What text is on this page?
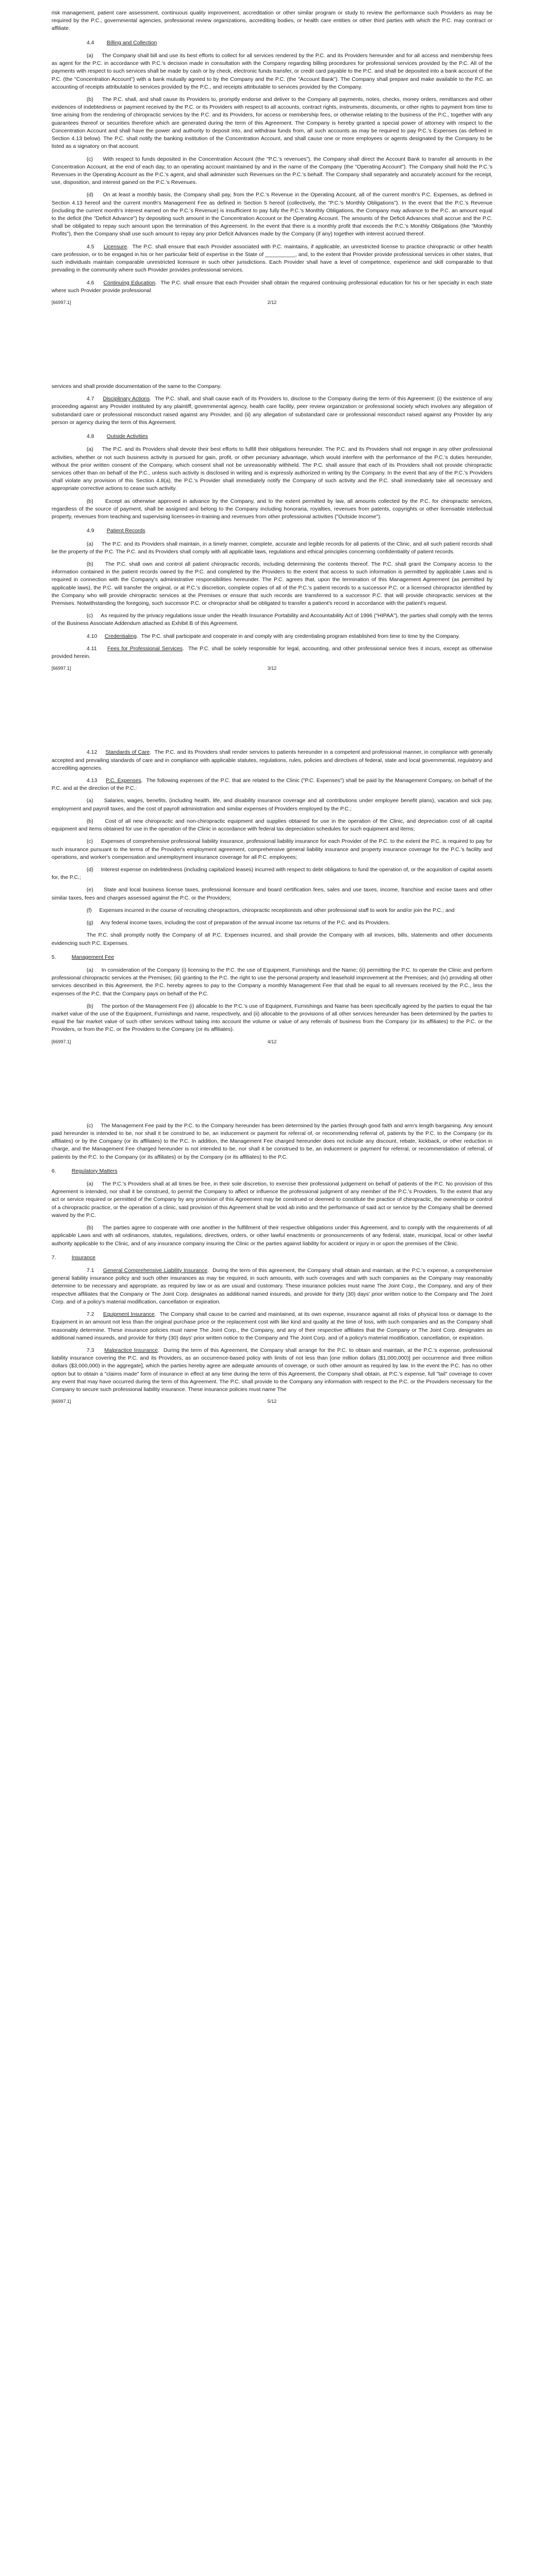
risk management, patient care assessment, continuous quality improvement, accreditation or other similar program or study to review the performance such Providers as may be required by the P.C., governmental agencies, professional review organizations, accrediting bodies, or health care entities or other third parties with which the P.C. may contract or affiliate.

4.4 Billing and Collection

(a)     The Company shall bill and use its best efforts to collect for all services rendered by the P.C. and its Providers hereunder and for all access and membership fees as agent for the P.C. in accordance with P.C.'s decision made in consultation with the Company regarding billing procedures for professional services provided by the P.C. All of the payments with respect to such services shall be made by cash or by check, electronic funds transfer, or credit card payable to the P.C. and shall be deposited into a bank account of the P.C. (the "Concentration Account") with a bank mutually agreed to by the Company and the P.C. (the "Account Bank"). The Company shall prepare and make available to the P.C. an accounting of receipts attributable to services provided by the P.C., and receipts attributable to services provided by the Company.

(b)     The P.C. shall, and shall cause its Providers to, promptly endorse and deliver to the Company all payments, notes, checks, money orders, remittances and other evidences of indebtedness or payment received by the P.C. or its Providers with respect to all accounts, contract rights, instruments, documents, or other rights to payment from time to time arising from the rendering of chiropractic services by the P.C. and its Providers, for access or membership fees, or otherwise relating to the business of the P.C., together with any guarantees thereof or securities therefore which are generated during the term of this Agreement. The Company is hereby granted a special power of attorney with respect to the Concentration Account and shall have the power and authority to deposit into, and withdraw funds from, all such accounts as may be required to pay P.C.'s Expenses (as defined in Section 4.13 below). The P.C. shall notify the banking institution of the Concentration Account, and shall cause one or more employees or agents designated by the Company to be listed as a signatory on that account.

(c)     With respect to funds deposited in the Concentration Account (the "P.C.'s revenues"), the Company shall direct the Account Bank to transfer all amounts in the Concentration Account, at the end of each day, to an operating account maintained by and in the name of the Company (the "Operating Account"). The Company shall hold the P.C.'s Revenues in the Operating Account as the P.C.'s agent, and shall administer such Revenues on the P.C.'s behalf. The Company shall separately and accurately account for the receipt, use, disposition, and interest gained on the P.C.'s Revenues.

(d)     On at least a monthly basis, the Company shall pay, from the P.C.'s Revenue in the Operating Account, all of the current month's P.C. Expenses, as defined in Section 4.13 hereof and the current month's Management Fee as defined in Section 5 hereof (collectively, the "P.C.'s Monthly Obligations"). In the event that the P.C.'s Revenue (including the current month's interest earned on the P.C.'s Revenue) is insufficient to pay fully the P.C.'s Monthly Obligations, the Company may advance to the P.C. an amount equal to the deficit (the "Deficit Advance") by depositing such amount in the Concentration Account or the Operating Account. The amounts of the Deficit Advances shall accrue and the P.C. shall be obligated to repay such amount upon the termination of this Agreement. In the event that there is a monthly profit that exceeds the P.C.'s Monthly Obligations (the "Monthly Profits"), then the Company shall use such amount to repay any prior Deficit Advances made by the Company (if any) together with interest accrued thereof.

4.5 Licensure.  The P.C. shall ensure that each Provider associated with P.C. maintains, if applicable, an unrestricted license to practice chiropractic or other health care profession, or to be engaged in his or her particular field of expertise in the State of __________, and, to the extent that Provider provide professional services in other states, that such individuals maintain comparable unrestricted licensure in such other jurisdictions. Each Provider shall have a level of competence, experience and skill comparable to that prevailing in the community where such Provider provides professional services.

4.6 Continuing Education.  The P.C. shall ensure that each Provider shall obtain the required continuing professional education for his or her specialty in each state where such Provider provide professional

[66997.1]	2/12

services and shall provide documentation of the same to the Company.

4.7 Disciplinary Actions.  The P.C. shall, and shall cause each of its Providers to, disclose to the Company during the term of this Agreement: (i) the existence of any proceeding against any Provider instituted by any plaintiff, governmental agency, health care facility, peer review organization or professional society which involves any allegation of substandard care or professional misconduct raised against any Provider, and (ii) any allegation of substandard care or professional misconduct raised against any Provider by any person or agency during the term of this Agreement.

4.8 Outside Activities

(a)     The P.C. and its Providers shall devote their best efforts to fulfill their obligations hereunder. The P.C. and its Providers shall not engage in any other professional activities, whether or not such business activity is pursued for gain, profit, or other pecuniary advantage, which would interfere with the performance of the P.C.'s duties hereunder, without the prior written consent of the Company, which consent shall not be unreasonably withheld. The P.C. shall assure that each of its Providers shall not provide chiropractic services other than on behalf of the P.C., unless such activity is disclosed in writing and is expressly authorized in writing by the Company. In the event that any of the P.C.'s Providers shall violate any provision of this Section 4.8(a), the P.C.'s Provider shall immediately notify the Company of such activity and the P.C. shall immediately take all necessary and appropriate corrective actions to cease such activity.

(b)     Except as otherwise approved in advance by the Company, and to the extent permitted by law, all amounts collected by the P.C. for chiropractic services, regardless of the source of payment, shall be assigned and belong to the Company including honoraria, royalties, revenues from patents, copyrights or other licensable intellectual property, revenues from teaching and supervising licensees-in-training and revenues from other professional activities ("Outside Income").

4.9 Patient Records

(a)     The P.C. and its Providers shall maintain, in a timely manner, complete, accurate and legible records for all patients of the Clinic, and all such patient records shall be the property of the P.C. The P.C. and its Providers shall comply with all applicable laws, regulations and ethical principles concerning confidentiality of patient records.

(b)     The P.C. shall own and control all patient chiropractic records, including determining the contents thereof. The P.C. shall grant the Company access to the information contained in the patient records owned by the P.C. and completed by the Providers to the extent that access to such information is permitted by applicable Laws and is required in connection with the Company's administrative responsibilities hereunder. The P.C. agrees that, upon the termination of this Management Agreement (as permitted by applicable laws), the P.C. will transfer the original, or at P.C.'s discretion, complete copies of all of the P.C.'s patient records to a successor P.C. or a licensed chiropractor identified by the Company who will provide chiropractic services at the Premises or ensure that such records are transferred to a successor P.C. that will provide chiropractic services at the Premises. Notwithstanding the foregoing, such successor P.C. or chiropractor shall be obligated to transfer a patient's record in accordance with the patient's request.

(c)     As required by the privacy regulations issue under the Health Insurance Portability and Accountability Act of 1996 ("HIPAA"), the parties shall comply with the terms of the Business Associate Addendum attached as Exhibit B of this Agreement.

4.10 Credentialing.  The P.C. shall participate and cooperate in and comply with any credentialing program established from time to time by the Company.

4.11 Fees for Professional Services.  The P.C. shall be solely responsible for legal, accounting, and other professional service fees it incurs, except as otherwise provided herein.

[66997.1]	3/12

4.12 Standards of Care.  The P.C. and its Providers shall render services to patients hereunder in a competent and professional manner, in compliance with generally accepted and prevailing standards of care and in compliance with applicable statutes, regulations, rules, policies and directives of federal, state and local governmental, regulatory and accrediting agencies.

4.13 P.C. Expenses.  The following expenses of the P.C. that are related to the Clinic ("P.C. Expenses") shall be paid by the Management Company, on behalf of the P.C. and at the direction of the P.C.:

(a)     Salaries, wages, benefits, (including health, life, and disability insurance coverage and all contributions under employee benefit plans), vacation and sick pay, employment and payroll taxes, and the cost of payroll administration and similar expenses of Providers employed by the P.C.;

(b)     Cost of all new chiropractic and non-chiropractic equipment and supplies obtained for use in the operation of the Clinic, and depreciation cost of all capital equipment and items obtained for use in the operation of the Clinic in accordance with federal tax depreciation schedules for such equipment and items;

(c)     Expenses of comprehensive professional liability insurance, professional liability insurance for each Provider of the P.C. to the extent the P.C. is required to pay for such insurance pursuant to the terms of the Provider's employment agreement, comprehensive general liability insurance and property insurance coverage for the P.C.'s facility and operations, and worker's compensation and unemployment insurance coverage for all P.C. employees;

(d)     Interest expense on indebtedness (including capitalized leases) incurred with respect to debt obligations to fund the operation of, or the acquisition of capital assets for, the P.C.;

(e)     State and local business license taxes, professional licensure and board certification fees, sales and use taxes, income, franchise and excise taxes and other similar taxes, fees and charges assessed against the P.C. or the Providers;

(f)     Expenses incurred in the course of recruiting chiropractors, chiropractic receptionists and other professional staff to work for and/or join the P.C.; and

(g)     Any federal income taxes, including the cost of preparation of the annual income tax returns of the P.C. and its Providers.

The P.C. shall promptly notify the Company of all P.C. Expenses incurred, and shall provide the Company with all invoices, bills, statements and other documents evidencing such P.C. Expenses.

5.	Management Fee

(a)     In consideration of the Company (i) licensing to the P.C. the use of Equipment, Furnishings and the Name; (ii) permitting the P.C. to operate the Clinic and perform professional chiropractic services at the Premises; (iii) granting to the P.C. the right to use the personal property and leasehold improvement at the Premises; and (iv) providing all other services described in this Agreement, the P.C. hereby agrees to pay to the Company a monthly Management Fee that shall be equal to all revenues received by the P.C., less the expenses of the P.C. that the Company pays on behalf of the P.C.

(b)     The portion of the Management Fee (i) allocable to the P.C.'s use of Equipment, Furnishings and Name has been specifically agreed by the parties to equal the fair market value of the use of the Equipment, Furnishings and name, respectively, and (ii) allocable to the provisions of all other services hereunder has been determined by the parties to equal the fair market value of such other services without taking into account the volume or value of any referrals of business from the Company (or its affiliates) to the P.C. or the Providers, or from the P.C. or the Providers to the Company (or its affiliates).

[66997.1]	4/12

(c)     The Management Fee paid by the P.C. to the Company hereunder has been determined by the parties through good faith and arm's length bargaining. Any amount paid hereunder is intended to be, nor shall it be construed to be, an inducement or payment for referral of, or recommending referral of, patients by the P.C. to the Company (or its affiliates) or by the Company (or its affiliates) to the P.C. In addition, the Management Fee charged hereunder does not include any discount, rebate, kickback, or other reduction in charge, and the Management Fee charged hereunder is not intended to be, nor shall it be construed to be, an inducement or payment for referral, or recommendation of referral, of patients by the P.C. to the Company (or its affiliates) or by the Company (or its affiliates) to the P.C.

6.	Regulatory Matters

(a)     The P.C.'s Providers shall at all times be free, in their sole discretion, to exercise their professional judgement on behalf of patients of the P.C. No provision of this Agreement is intended, nor shall it be construed, to permit the Company to affect or influence the professional judgment of any member of the P.C.'s Providers. To the extent that any act or service required or permitted of the Company by any provision of this Agreement may be construed or deemed to constitute the practice of chiropractic, the ownership or control of a chiropractic practice, or the operation of a clinic, said provision of this Agreement shall be void ab initio and the performance of said act or service by the Company shall be deemed waived by the P.C.

(b)     The parties agree to cooperate with one another in the fulfillment of their respective obligations under this Agreement, and to comply with the requirements of all applicable Laws and with all ordinances, statutes, regulations, directives, orders, or other lawful enactments or pronouncements of any federal, state, municipal, local or other lawful authority applicable to the Clinic, and of any insurance company insuring the Clinic or the parties against liability for accident or injury in or upon the premises of the Clinic.

7.	Insurance

7.1 General Comprehensive Liability Insurance.  During the term of this agreement, the Company shall obtain and maintain, at the P.C.'s expense, a comprehensive general liability insurance policy and such other insurances as may be required, in such amounts, with such coverages and with such companies as the Company may reasonably determine to be necessary and appropriate, as required by law or as are usual and customary. These insurance policies must name The Joint Corp., the Company, and any of their respective affiliates that the Company or The Joint Corp. designates as additional named insureds, and provide for thirty (30) days' prior written notice to the Company and The Joint Corp. and of a policy's material modification, cancellation or expiration.

7.2 Equipment Insurance.  The Company shall cause to be carried and maintained, at its own expense, insurance against all risks of physical loss or damage to the Equipment in an amount not less than the original purchase price or the replacement cost with like kind and quality at the time of loss, with such companies and as the Company shall reasonably determine. These insurance policies must name The Joint Corp., the Company, and any of their respective affiliates that the Company or The Joint Corp. designates as additional named insureds, and provide for thirty (30) days' prior written notice to the Company and The Joint Corp. and of a policy's material modification, cancellation, or expiration.

7.3 Malpractice Insurance.  During the term of this Agreement, the Company shall arrange for the P.C. to obtain and maintain, at the P.C.'s expense, professional liability insurance covering the P.C. and its Providers, as an occurrence-based policy with limits of not less than [one million dollars ($1,000,000)] per occurrence and three million dollars ($3,000,000) in the aggregate], which the parties hereby agree are adequate amounts of coverage, or such other amount as required by law. In the event the P.C. has no other option but to obtain a "claims made" form of insurance in effect at any time during the term of this Agreement, the Company shall obtain, at P.C.'s expense, full "tail" coverage to cover any event that may have occurred during the term of this Agreement. The P.C. shall provide to the Company any information with respect to the P.C. or the Providers necessary for the Company to secure such professional liability insurance. These insurance policies must name The

[66997.1]	5/12
